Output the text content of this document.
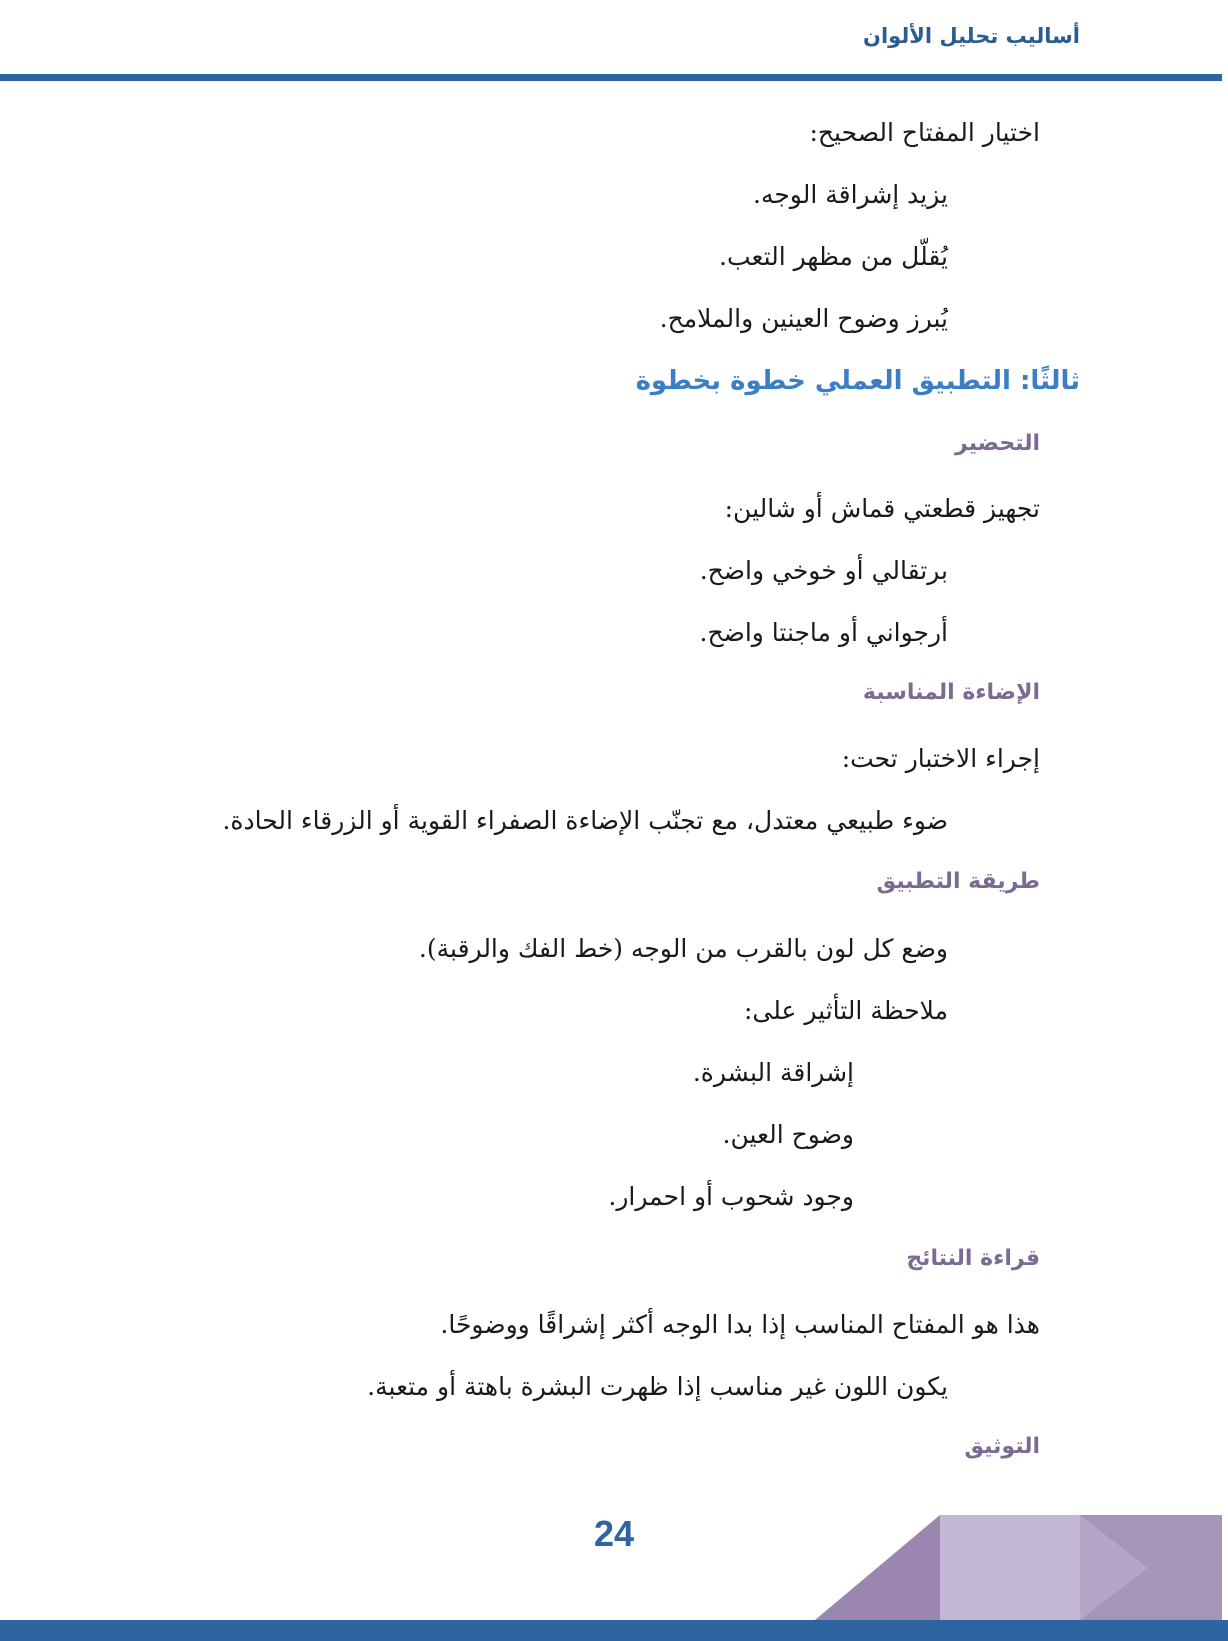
أساليب تحليل الألوان
اختيار المفتاح الصحيح:
يزيد إشراقة الوجه.
يُقلّل من مظهر التعب.
يُبرز وضوح العينين والملامح.
ثالثًا: التطبيق العملي خطوة بخطوة
التحضير
تجهيز قطعتي قماش أو شالين:
برتقالي أو خوخي واضح.
أرجواني أو ماجنتا واضح.
الإضاءة المناسبة
إجراء الاختبار تحت:
ضوء طبيعي معتدل، مع تجنّب الإضاءة الصفراء القوية أو الزرقاء الحادة.
طريقة التطبيق
وضع كل لون بالقرب من الوجه (خط الفك والرقبة).
ملاحظة التأثير على:
إشراقة البشرة.
وضوح العين.
وجود شحوب أو احمرار.
قراءة النتائج
هذا هو المفتاح المناسب إذا بدا الوجه أكثر إشراقًا ووضوحًا.
يكون اللون غير مناسب إذا ظهرت البشرة باهتة أو متعبة.
التوثيق
24
